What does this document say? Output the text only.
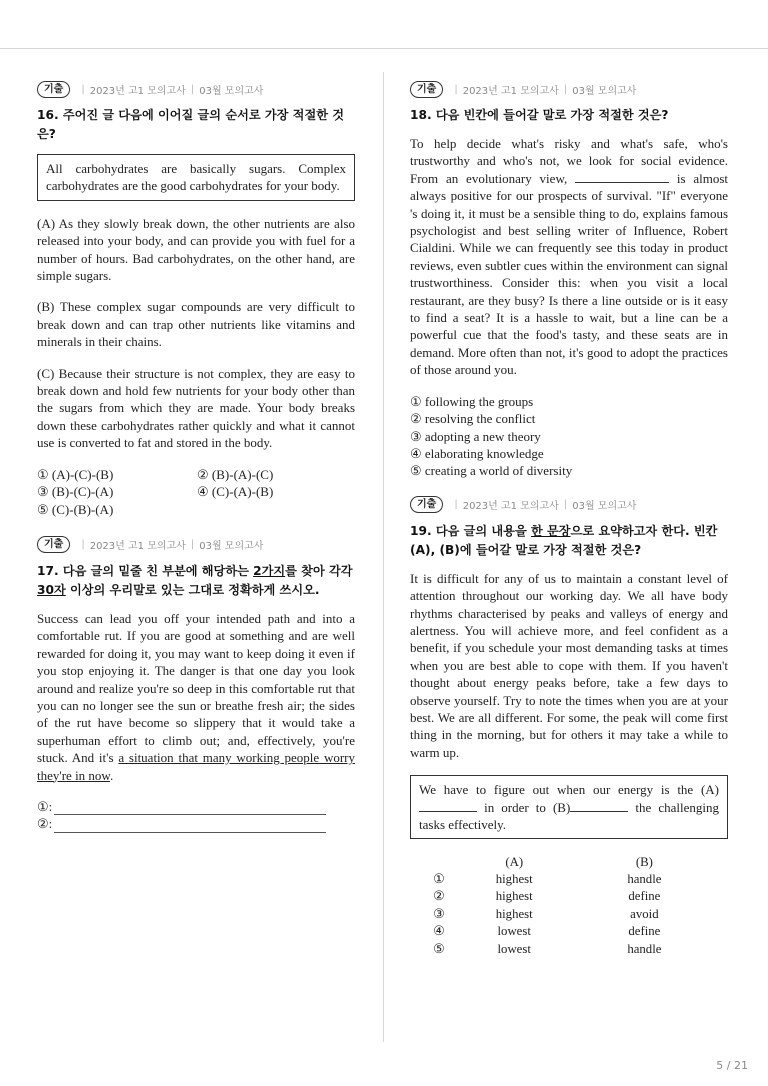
기출	| 2023년 고1 모의고사 | 03월 모의고사
16. 주어진 글 다음에 이어질 글의 순서로 가장 적절한 것은?
All carbohydrates are basically sugars. Complex carbohydrates are the good carbohydrates for your body.

(A) As they slowly break down, the other nutrients are also released into your body, and can provide you with fuel for a number of hours. Bad carbohydrates, on the other hand, are simple sugars.

(B) These complex sugar compounds are very difficult to break down and can trap other nutrients like vitamins and minerals in their chains.

(C) Because their structure is not complex, they are easy to break down and hold few nutrients for your body other than the sugars from which they are made. Your body breaks down these carbohydrates rather quickly and what it cannot use is converted to fat and stored in the body.

① (A)-(C)-(B)	② (B)-(A)-(C)
③ (B)-(C)-(A)	④ (C)-(A)-(B)
⑤ (C)-(B)-(A)
기출	| 2023년 고1 모의고사 | 03월 모의고사
17. 다음 글의 밑줄 친 부분에 해당하는 2가지를 찾아 각각 30자 이상의 우리말로 있는 그대로 정확하게 쓰시오.

Success can lead you off your intended path and into a comfortable rut. If you are good at something and are well rewarded for doing it, you may want to keep doing it even if you stop enjoying it. The danger is that one day you look around and realize you're so deep in this comfortable rut that you can no longer see the sun or breathe fresh air; the sides of the rut have become so slippery that it would take a superhuman effort to climb out; and, effectively, you're stuck. And it's a situation that many working people worry they're in now.

①:
②:
기출	| 2023년 고1 모의고사 | 03월 모의고사
18. 다음 빈칸에 들어갈 말로 가장 적절한 것은?

To help decide what's risky and what's safe, who's trustworthy and who's not, we look for social evidence. From an evolutionary view,	is almost always positive for our prospects of survival. "If" everyone 's doing it, it must be a sensible thing to do, explains famous psychologist and best selling writer of Influence, Robert Cialdini. While we can frequently see this today in product reviews, even subtler cues within the environment can signal trustworthiness. Consider this: when you visit a local restaurant, are they busy? Is there a line outside or is it easy to find a seat? It is a hassle to wait, but a line can be a powerful cue that the food's tasty, and these seats are in demand. More often than not, it's good to adopt the practices of those around you.

① following the groups
② resolving the conflict
③ adopting a new theory
④ elaborating knowledge
⑤ creating a world of diversity
기출	| 2023년 고1 모의고사 | 03월 모의고사
19. 다음 글의 내용을 한 문장으로 요약하고자 한다. 빈칸 (A), (B)에 들어갈 말로 가장 적절한 것은?

It is difficult for any of us to maintain a constant level of attention throughout our working day. We all have body rhythms characterised by peaks and valleys of energy and alertness. You will achieve more, and feel confident as a benefit, if you schedule your most demanding tasks at times when you are best able to cope with them. If you haven't thought about energy peaks before, take a few days to observe yourself. Try to note the times when you are at your best. We are all different. For some, the peak will come first thing in the morning, but for others it may take a while to warm up.

We have to figure out when our energy is the (A) in order to (B)	the challenging tasks effectively.
	(A)	(B)
①	highest	handle
②	highest	define
③	highest	avoid
④	lowest	define
⑤	lowest	handle
5 / 21
